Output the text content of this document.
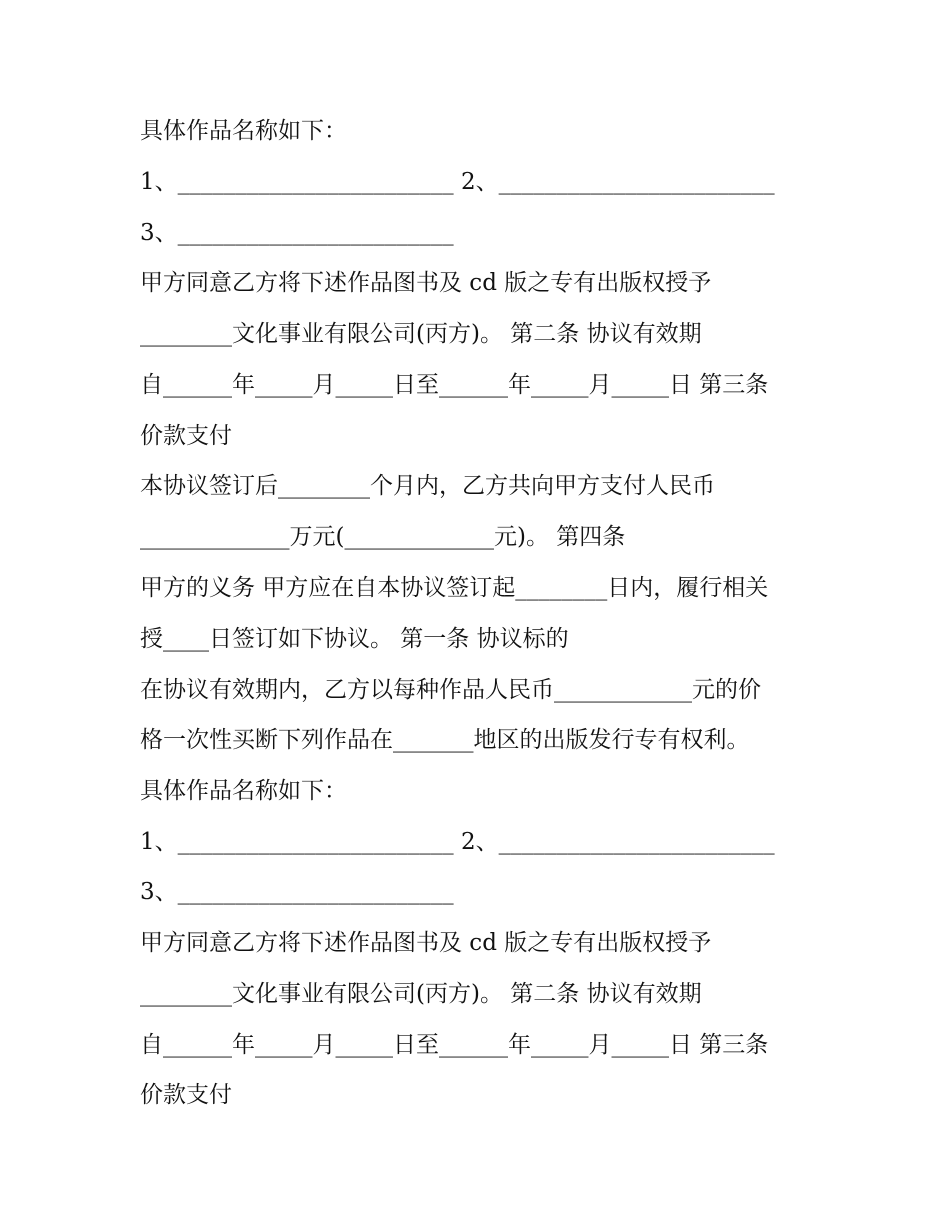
具体作品名称如下：
1、________________________ 2、________________________
3、________________________
甲方同意乙方将下述作品图书及 cd 版之专有出版权授予
________文化事业有限公司(丙方)。 第二条 协议有效期
自______年_____月_____日至______年_____月_____日 第三条
价款支付
本协议签订后________个月内，乙方共向甲方支付人民币
_____________万元(_____________元)。 第四条
甲方的义务 甲方应在自本协议签订起________日内，履行相关
授____日签订如下协议。 第一条 协议标的
在协议有效期内，乙方以每种作品人民币____________元的价
格一次性买断下列作品在_______地区的出版发行专有权利。
具体作品名称如下：
1、________________________ 2、________________________
3、________________________
甲方同意乙方将下述作品图书及 cd 版之专有出版权授予
________文化事业有限公司(丙方)。 第二条 协议有效期
自______年_____月_____日至______年_____月_____日 第三条
价款支付
